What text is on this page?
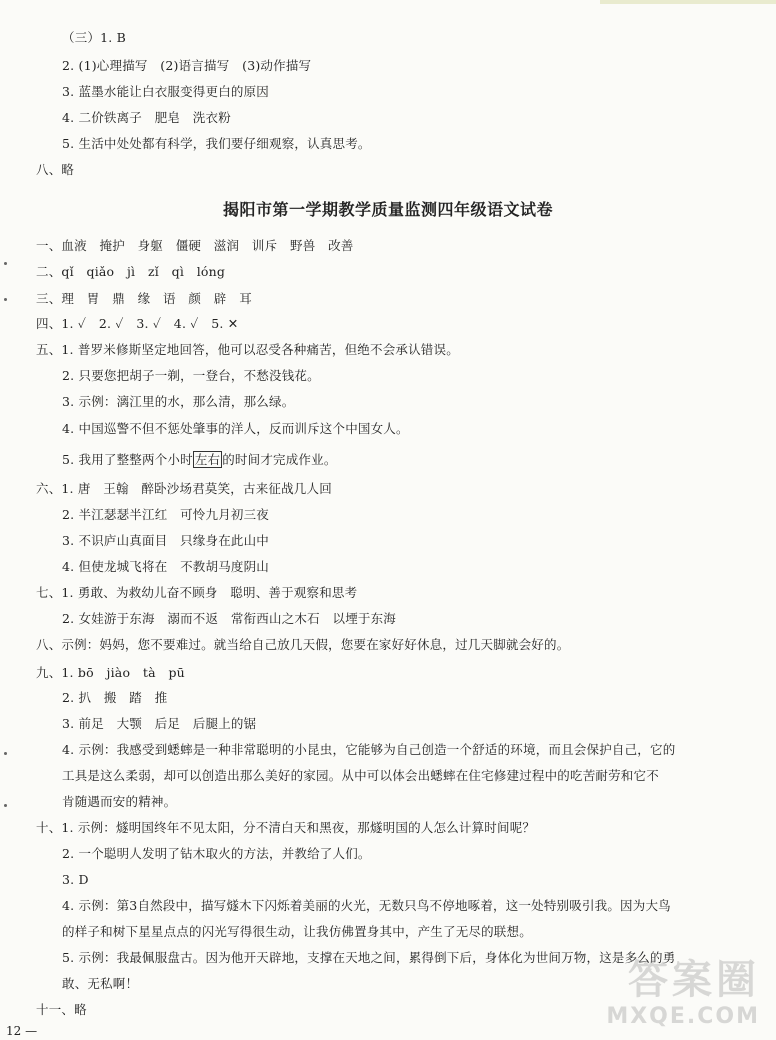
（三）1. B
2. (1)心理描写　(2)语言描写　(3)动作描写
3. 蓝墨水能让白衣服变得更白的原因
4. 二价铁离子　肥皂　洗衣粉
5. 生活中处处都有科学，我们要仔细观察，认真思考。
八、略
揭阳市第一学期教学质量监测四年级语文试卷
一、血液　掩护　身躯　僵硬　滋润　训斥　野兽　改善
二、qǐ　qiǎo　jì　zǐ　qì　lóng
三、理　胃　鼎　缘　语　颜　辟　耳
四、1. ✓　2. ✓　3. ✓　4. ✓　5. ✕
五、1. 普罗米修斯坚定地回答，他可以忍受各种痛苦，但绝不会承认错误。
2. 只要您把胡子一剃，一登台，不愁没钱花。
3. 示例：漓江里的水，那么清，那么绿。
4. 中国巡警不但不惩处肇事的洋人，反而训斥这个中国女人。
5. 我用了整整两个小时 左右 的时间才完成作业。
六、1. 唐　王翰　醉卧沙场君莫笑，古来征战几人回
2. 半江瑟瑟半江红　可怜九月初三夜
3. 不识庐山真面目　只缘身在此山中
4. 但使龙城飞将在　不教胡马度阴山
七、1. 勇敢、为救幼儿奋不顾身　聪明、善于观察和思考
2. 女娃游于东海　溺而不返　常衔西山之木石　以堙于东海
八、示例：妈妈，您不要难过。就当给自己放几天假，您要在家好好休息，过几天脚就会好的。
九、1. bō　jiào　tà　pū
2. 扒　搬　踏　推
3. 前足　大颚　后足　后腿上的锯
4. 示例：我感受到蟋蟀是一种非常聪明的小昆虫，它能够为自己创造一个舒适的环境，而且会保护自己，它的
工具是这么柔弱，却可以创造出那么美好的家园。从中可以体会出蟋蟀在住宅修建过程中的吃苦耐劳和它不
肯随遇而安的精神。
十、1. 示例：燧明国终年不见太阳，分不清白天和黑夜，那燧明国的人怎么计算时间呢？
2. 一个聪明人发明了钻木取火的方法，并教给了人们。
3. D
4. 示例：第3自然段中，描写燧木下闪烁着美丽的火光，无数只鸟不停地啄着，这一处特别吸引我。因为大鸟
的样子和树下星星点点的闪光写得很生动，让我仿佛置身其中，产生了无尽的联想。
5. 示例：我最佩服盘古。因为他开天辟地，支撑在天地之间，累得倒下后，身体化为世间万物，这是多么的勇
敢、无私啊！
十一、略
12 —
答案圈
MXQE.COM
